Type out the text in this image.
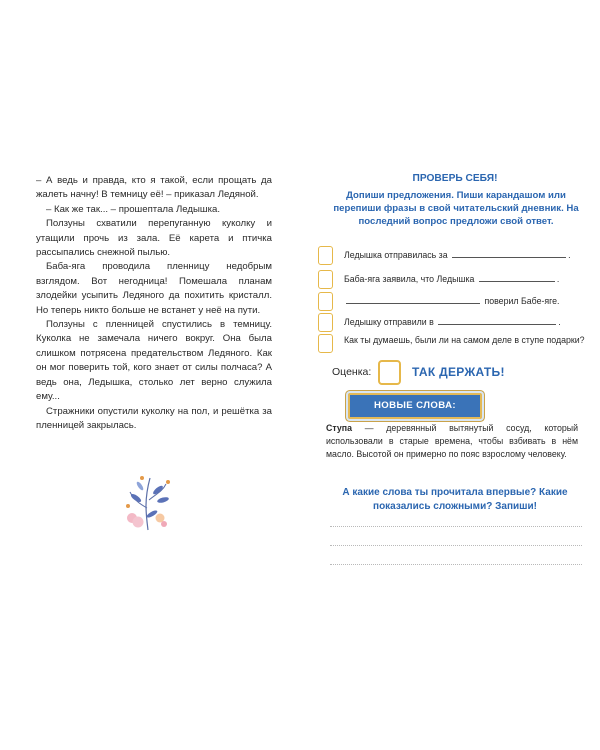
– А ведь и правда, кто я такой, если прощать да жалеть начну! В темницу её! – приказал Ледяной.

– Как же так... – прошептала Ледышка.

Ползуны схватили перепуганную куколку и утащили прочь из зала. Её карета и птичка рассыпались снежной пылью.

Баба-яга проводила пленницу недобрым взглядом. Вот негодница! Помешала планам злодейки усыпить Ледяного да похитить кристалл. Но теперь никто больше не встанет у неё на пути.

Ползуны с пленницей спустились в темницу. Куколка не замечала ничего вокруг. Она была слишком потрясена предательством Ледяного. Как он мог поверить той, кого знает от силы полчаса? А ведь она, Ледышка, столько лет верно служила ему...

Стражники опустили куколку на пол, и решётка за пленницей закрылась.

ПРОВЕРЬ СЕБЯ!
Допиши предложения. Пиши карандашом или перепиши фразы в свой читательский дневник. На последний вопрос предложи свой ответ.
Ледышка отправилась за	.
Баба-яга заявила, что Ледышка	.
поверил Бабе-яге.
Ледышку отправили в	.
Как ты думаешь, были ли на самом деле в ступе подарки?
Оценка:	ТАК ДЕРЖАТЬ!
НОВЫЕ СЛОВА:
Ступа — деревянный вытянутый сосуд, который использовали в старые времена, чтобы взбивать в нём масло. Высотой он примерно по пояс взрослому человеку.
А какие слова ты прочитала впервые? Какие показались сложными? Запиши!
